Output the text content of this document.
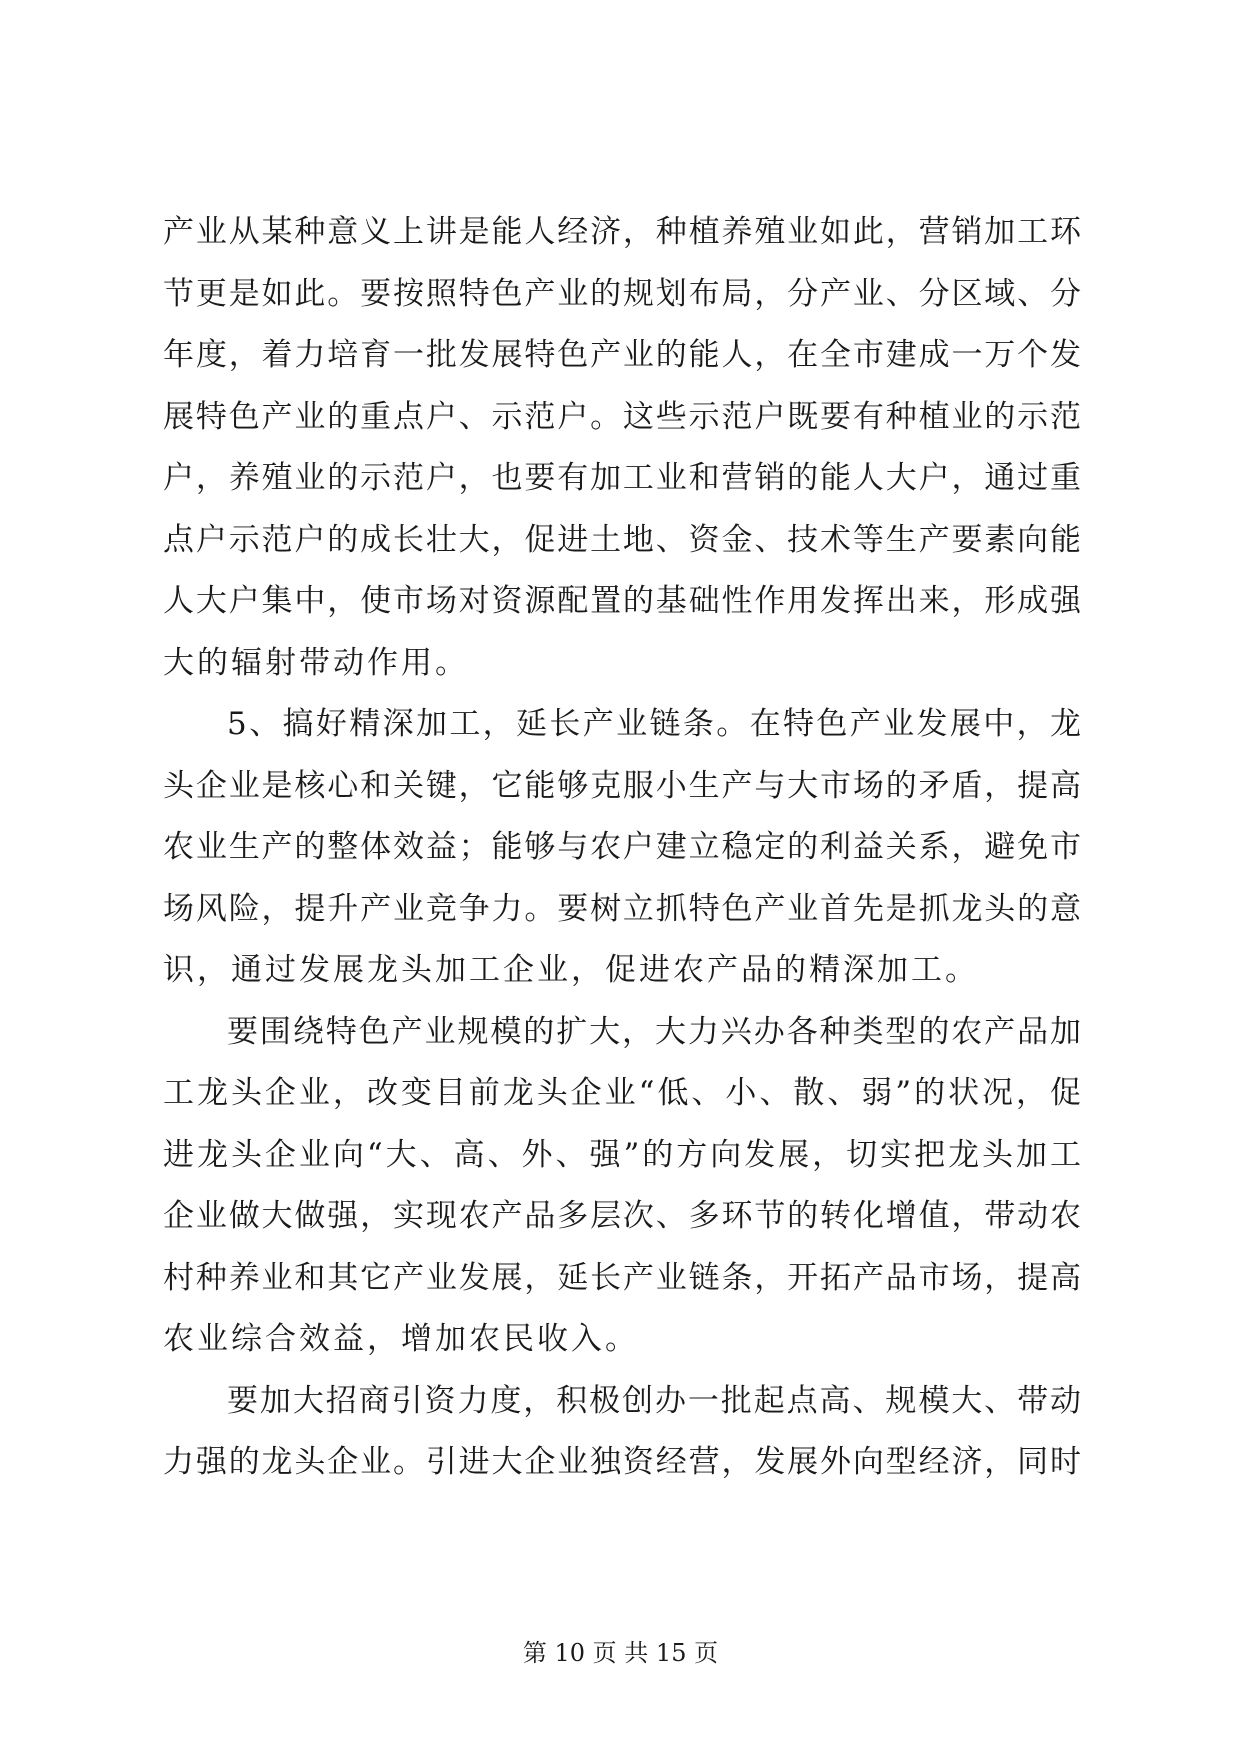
产业从某种意义上讲是能人经济，种植养殖业如此，营销加工环
节更是如此。要按照特色产业的规划布局，分产业、分区域、分
年度，着力培育一批发展特色产业的能人，在全市建成一万个发
展特色产业的重点户、示范户。这些示范户既要有种植业的示范
户，养殖业的示范户，也要有加工业和营销的能人大户，通过重
点户示范户的成长壮大，促进土地、资金、技术等生产要素向能
人大户集中，使市场对资源配置的基础性作用发挥出来，形成强
大的辐射带动作用。
5、搞好精深加工，延长产业链条。在特色产业发展中，龙
头企业是核心和关键，它能够克服小生产与大市场的矛盾，提高
农业生产的整体效益；能够与农户建立稳定的利益关系，避免市
场风险，提升产业竞争力。要树立抓特色产业首先是抓龙头的意
识，通过发展龙头加工企业，促进农产品的精深加工。
要围绕特色产业规模的扩大，大力兴办各种类型的农产品加
工龙头企业，改变目前龙头企业“低、小、散、弱”的状况，促
进龙头企业向“大、高、外、强”的方向发展，切实把龙头加工
企业做大做强，实现农产品多层次、多环节的转化增值，带动农
村种养业和其它产业发展，延长产业链条，开拓产品市场，提高
农业综合效益，增加农民收入。
要加大招商引资力度，积极创办一批起点高、规模大、带动
力强的龙头企业。引进大企业独资经营，发展外向型经济，同时
第 10 页 共 15 页
